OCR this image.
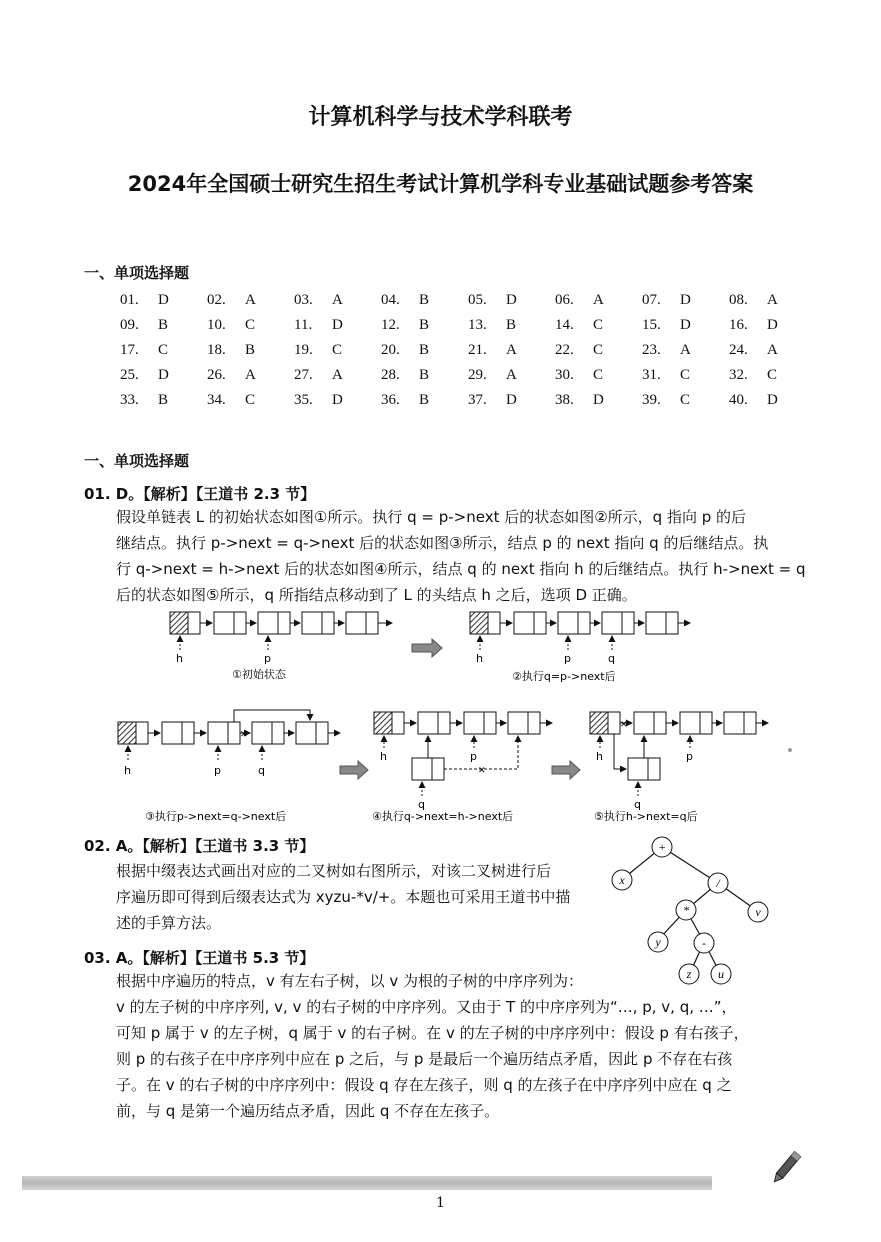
计算机科学与技术学科联考
2024年全国硕士研究生招生考试计算机学科专业基础试题参考答案
一、单项选择题
01.	D	02.	A	03.	A	04.	B	05.	D	06.	A	07.	D	08.	A
09.	B	10.	C	11.	D	12.	B	13.	B	14.	C	15.	D	16.	D
17.	C	18.	B	19.	C	20.	B	21.	A	22.	C	23.	A	24.	A
25.	D	26.	A	27.	A	28.	B	29.	A	30.	C	31.	C	32.	C
33.	B	34.	C	35.	D	36.	B	37.	D	38.	D	39.	C	40.	D
一、单项选择题
01. D。【解析】【王道书 2.3 节】
假设单链表 L 的初始状态如图①所示。执行 q = p->next 后的状态如图②所示，q 指向 p 的后
继结点。执行 p->next = q->next 后的状态如图③所示，结点 p 的 next 指向 q 的后继结点。执
行 q->next = h->next 后的状态如图④所示，结点 q 的 next 指向 h 的后继结点。执行 h->next = q
后的状态如图⑤所示，q 所指结点移动到了 L 的头结点 h 之后，选项 D 正确。
h	p
①初始状态
h	p	q
②执行q=p->next后
✕
h	p	q
③执行p->next=q->next后
✕
h	p
q
④执行q->next=h->next后
✕
h	p
q
⑤执行h->next=q后
02. A。【解析】【王道书 3.3 节】
根据中缀表达式画出对应的二叉树如右图所示，对该二叉树进行后
序遍历即可得到后缀表达式为 xyzu-*v/+。本题也可采用王道书中描
述的手算方法。
+
x	/
*	v
y	-
z u
03. A。【解析】【王道书 5.3 节】
根据中序遍历的特点，v 有左右子树，以 v 为根的子树的中序序列为：
v 的左子树的中序序列, v, v 的右子树的中序序列。又由于 T 的中序序列为“…, p, v, q, …”，
可知 p 属于 v 的左子树，q 属于 v 的右子树。在 v 的左子树的中序序列中：假设 p 有右孩子，
则 p 的右孩子在中序序列中应在 p 之后，与 p 是最后一个遍历结点矛盾，因此 p 不存在右孩
子。在 v 的右子树的中序序列中：假设 q 存在左孩子，则 q 的左孩子在中序序列中应在 q 之
前，与 q 是第一个遍历结点矛盾，因此 q 不存在左孩子。
1
